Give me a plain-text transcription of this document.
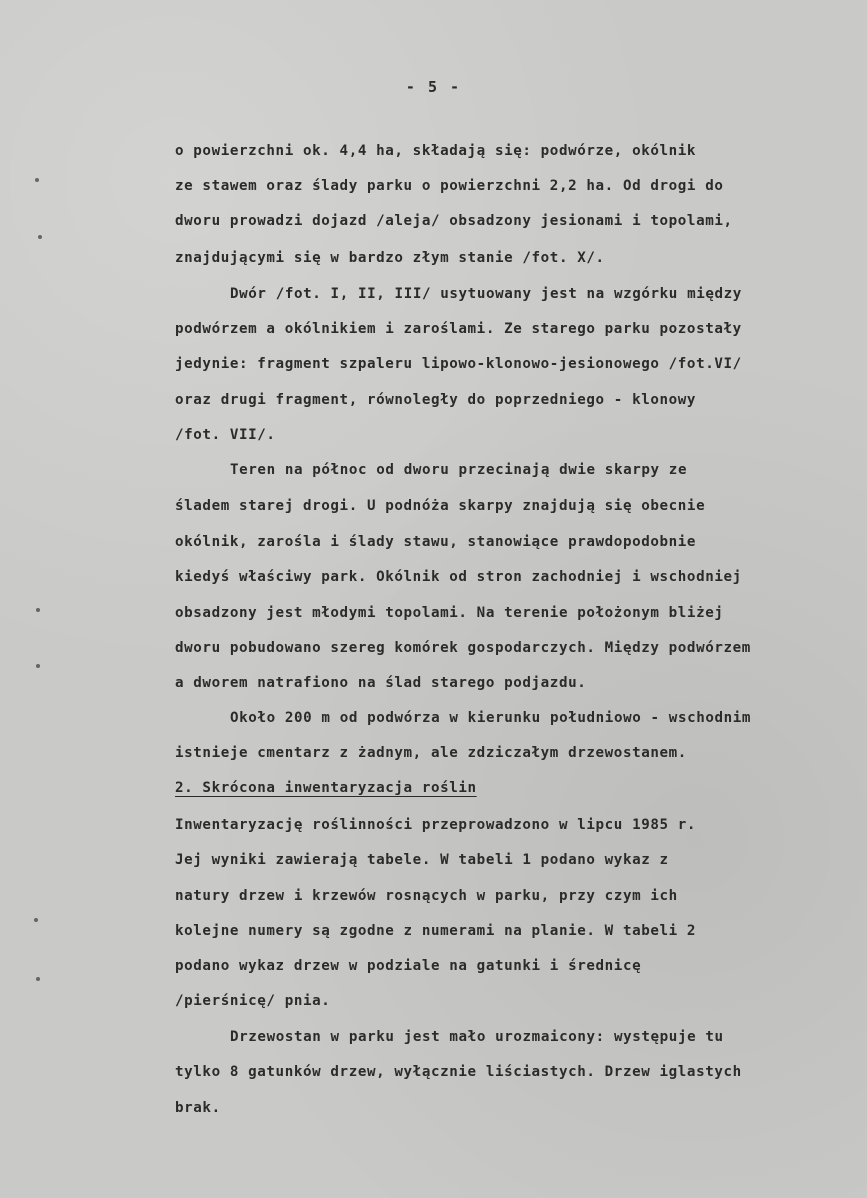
- 5 -
o powierzchni ok. 4,4 ha, składają się: podwórze, okólnik
ze stawem oraz ślady parku o powierzchni 2,2 ha. Od drogi do
dworu prowadzi dojazd /aleja/ obsadzony jesionami i topolami,
znajdującymi się w bardzo złym stanie /fot. X/.
Dwór /fot. I, II, III/ usytuowany jest na wzgórku między
podwórzem a okólnikiem i zaroślami. Ze starego parku pozostały
jedynie: fragment szpaleru lipowo-klonowo-jesionowego /fot.VI/
oraz drugi fragment, równoległy do poprzedniego - klonowy
/fot. VII/.
Teren na północ od dworu przecinają dwie skarpy ze
śladem starej drogi. U podnóża skarpy znajdują się obecnie
okólnik, zarośla i ślady stawu, stanowiące prawdopodobnie
kiedyś właściwy park. Okólnik od stron zachodniej i wschodniej
obsadzony jest młodymi topolami. Na terenie położonym bliżej
dworu pobudowano szereg komórek gospodarczych. Między podwórzem
a dworem natrafiono na ślad starego podjazdu.
Około 200 m od podwórza w kierunku południowo - wschodnim
istnieje cmentarz z żadnym, ale zdziczałym drzewostanem.
2. Skrócona inwentaryzacja roślin
Inwentaryzację roślinności przeprowadzono w lipcu 1985 r.
Jej wyniki zawierają tabele. W tabeli 1 podano wykaz z
natury drzew i krzewów rosnących w parku, przy czym ich
kolejne numery są zgodne z numerami na planie. W tabeli 2
podano wykaz drzew w podziale na gatunki i średnicę
/pierśnicę/ pnia.
Drzewostan w parku jest mało urozmaicony: występuje tu
tylko 8 gatunków drzew, wyłącznie liściastych. Drzew iglastych
brak.
